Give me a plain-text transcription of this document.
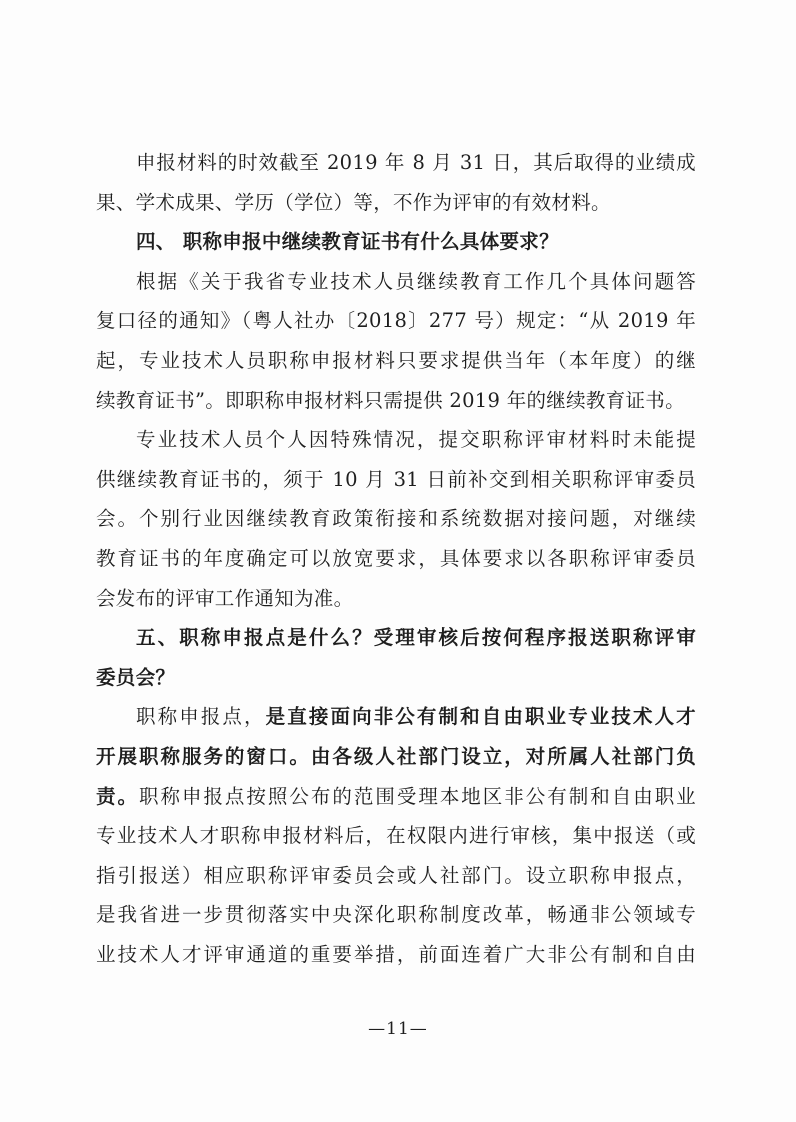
申报材料的时效截至 2019 年 8 月 31 日，其后取得的业绩成
果、学术成果、学历（学位）等，不作为评审的有效材料。
四、 职称申报中继续教育证书有什么具体要求？
根据《关于我省专业技术人员继续教育工作几个具体问题答
复口径的通知》（粤人社办〔2018〕277 号）规定：“从 2019 年
起，专业技术人员职称申报材料只要求提供当年（本年度）的继
续教育证书”。即职称申报材料只需提供 2019 年的继续教育证书。
专业技术人员个人因特殊情况，提交职称评审材料时未能提
供继续教育证书的，须于 10 月 31 日前补交到相关职称评审委员
会。个别行业因继续教育政策衔接和系统数据对接问题，对继续
教育证书的年度确定可以放宽要求，具体要求以各职称评审委员
会发布的评审工作通知为准。
五、职称申报点是什么？受理审核后按何程序报送职称评审
委员会？
职称申报点，是直接面向非公有制和自由职业专业技术人才
开展职称服务的窗口。由各级人社部门设立，对所属人社部门负
责。职称申报点按照公布的范围受理本地区非公有制和自由职业
专业技术人才职称申报材料后，在权限内进行审核，集中报送（或
指引报送）相应职称评审委员会或人社部门。设立职称申报点，
是我省进一步贯彻落实中央深化职称制度改革，畅通非公领域专
业技术人才评审通道的重要举措，前面连着广大非公有制和自由
—11—
